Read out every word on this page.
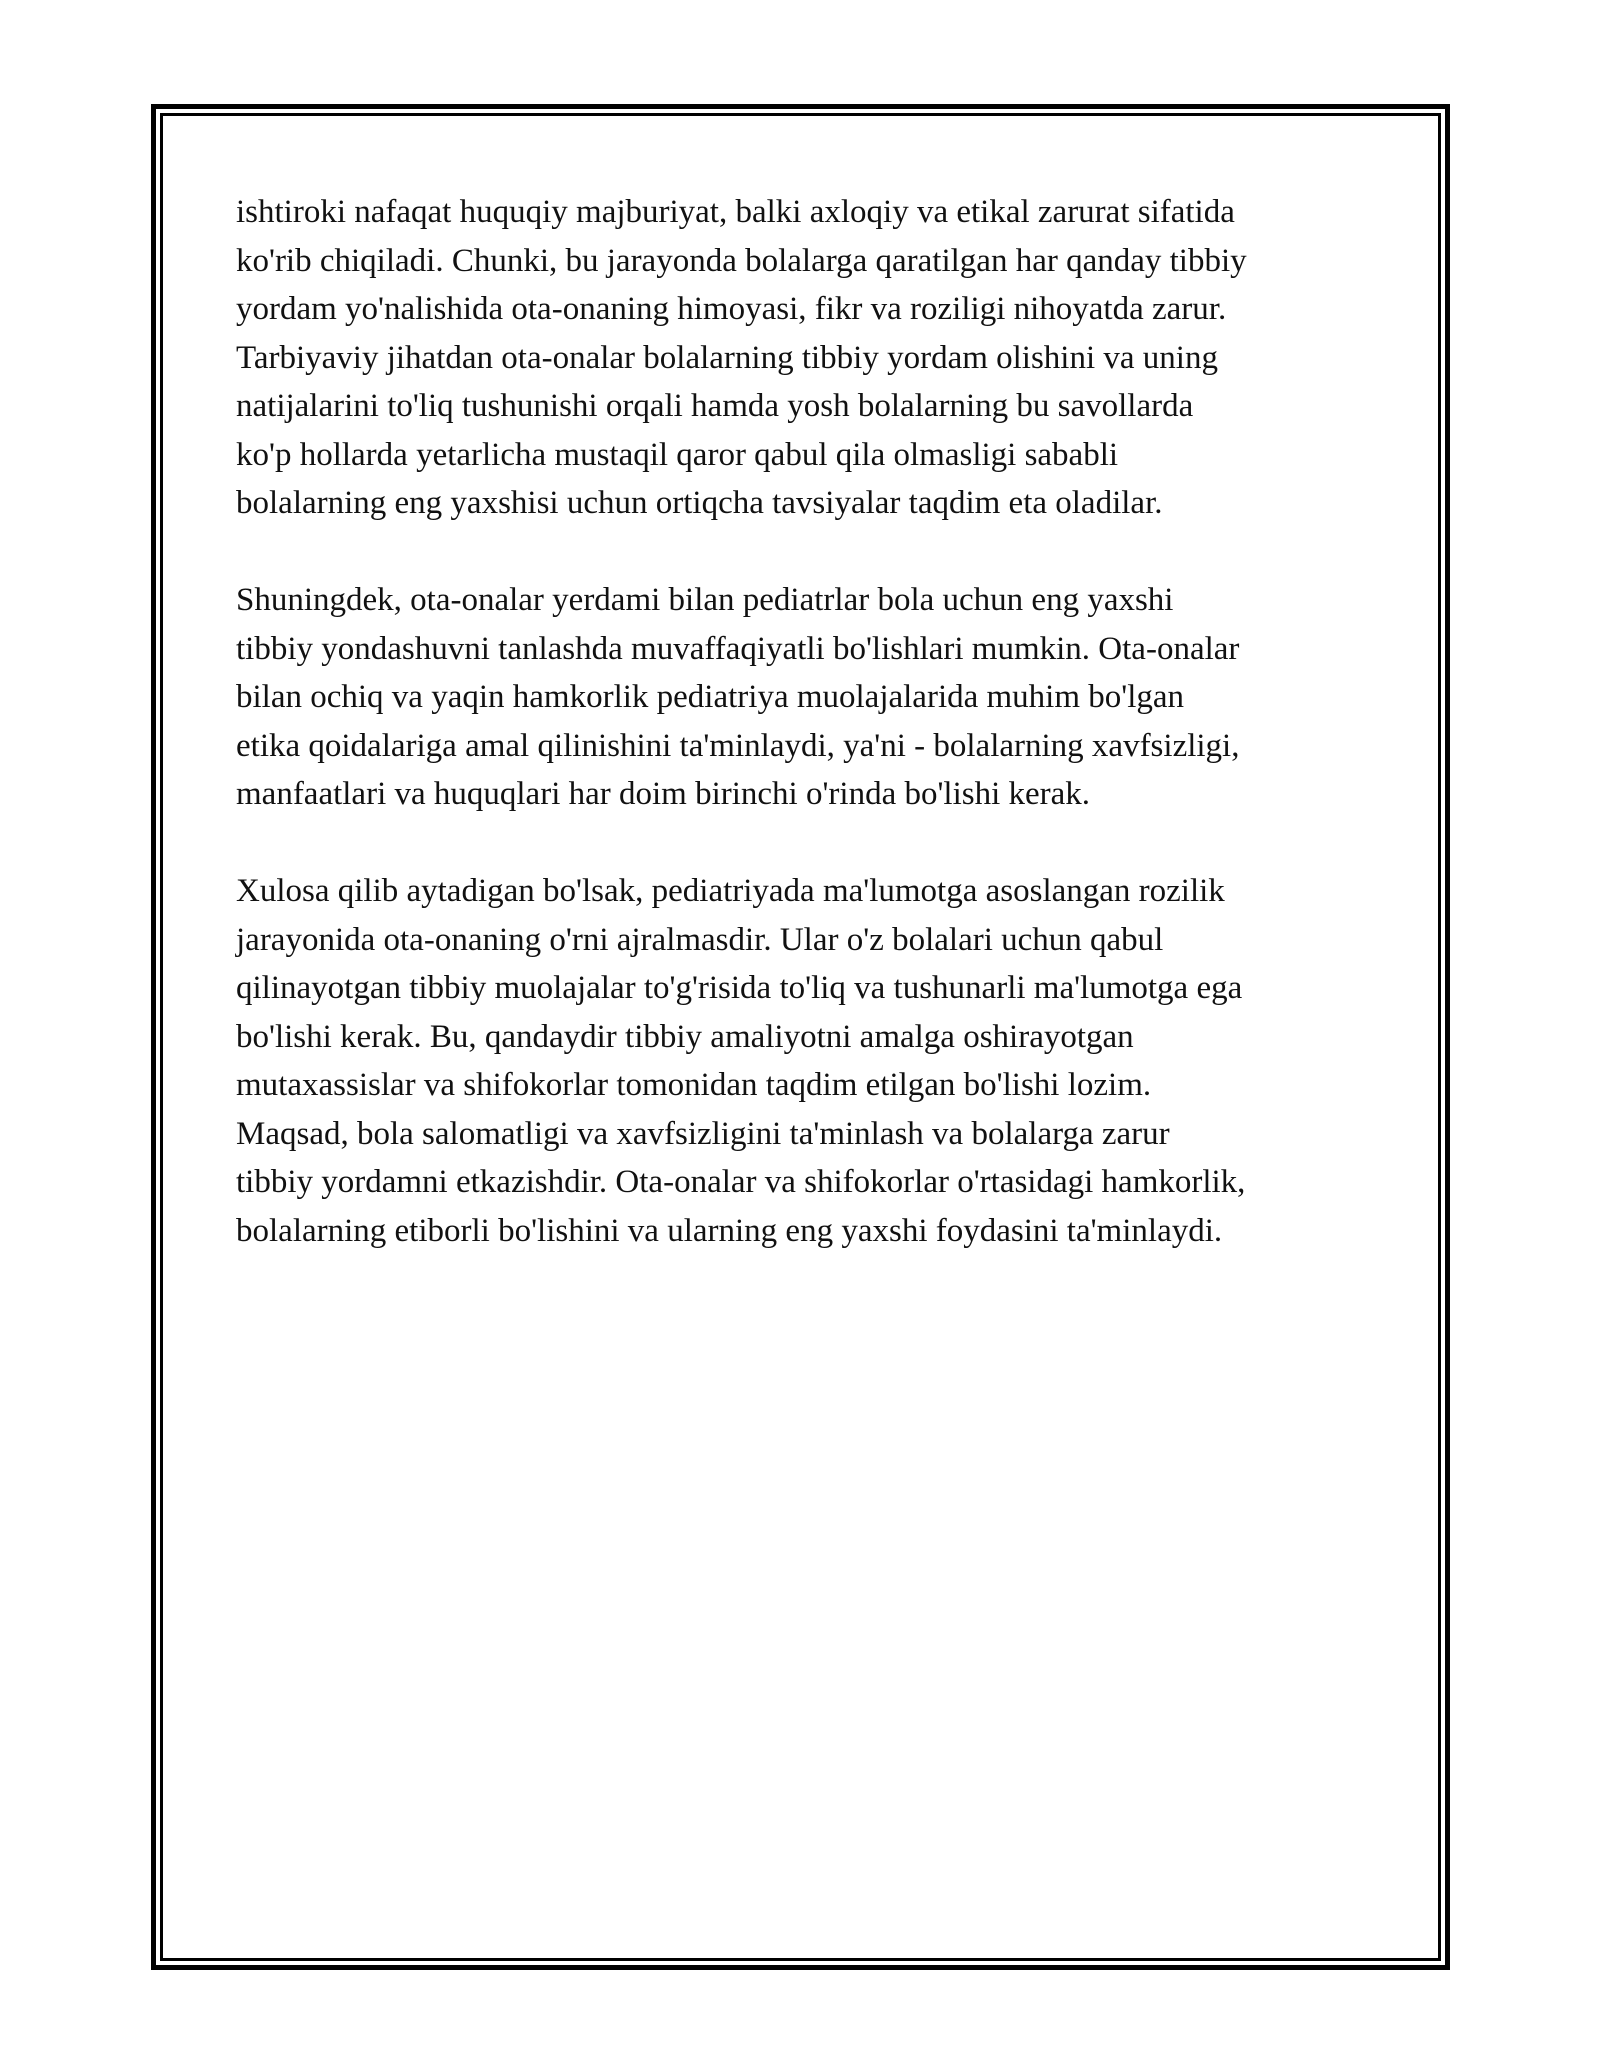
ishtiroki nafaqat huquqiy majburiyat, balki axloqiy va etikal zarurat sifatida
ko'rib chiqiladi. Chunki, bu jarayonda bolalarga qaratilgan har qanday tibbiy
yordam yo'nalishida ota-onaning himoyasi, fikr va roziligi nihoyatda zarur.
Tarbiyaviy jihatdan ota-onalar bolalarning tibbiy yordam olishini va uning
natijalarini to'liq tushunishi orqali hamda yosh bolalarning bu savollarda
ko'p hollarda yetarlicha mustaqil qaror qabul qila olmasligi sababli
bolalarning eng yaxshisi uchun ortiqcha tavsiyalar taqdim eta oladilar.

Shuningdek, ota-onalar yerdami bilan pediatrlar bola uchun eng yaxshi
tibbiy yondashuvni tanlashda muvaffaqiyatli bo'lishlari mumkin. Ota-onalar
bilan ochiq va yaqin hamkorlik pediatriya muolajalarida muhim bo'lgan
etika qoidalariga amal qilinishini ta'minlaydi, ya'ni - bolalarning xavfsizligi,
manfaatlari va huquqlari har doim birinchi o'rinda bo'lishi kerak.

Xulosa qilib aytadigan bo'lsak, pediatriyada ma'lumotga asoslangan rozilik
jarayonida ota-onaning o'rni ajralmasdir. Ular o'z bolalari uchun qabul
qilinayotgan tibbiy muolajalar to'g'risida to'liq va tushunarli ma'lumotga ega
bo'lishi kerak. Bu, qandaydir tibbiy amaliyotni amalga oshirayotgan
mutaxassislar va shifokorlar tomonidan taqdim etilgan bo'lishi lozim.
Maqsad, bola salomatligi va xavfsizligini ta'minlash va bolalarga zarur
tibbiy yordamni etkazishdir. Ota-onalar va shifokorlar o'rtasidagi hamkorlik,
bolalarning etiborli bo'lishini va ularning eng yaxshi foydasini ta'minlaydi.
